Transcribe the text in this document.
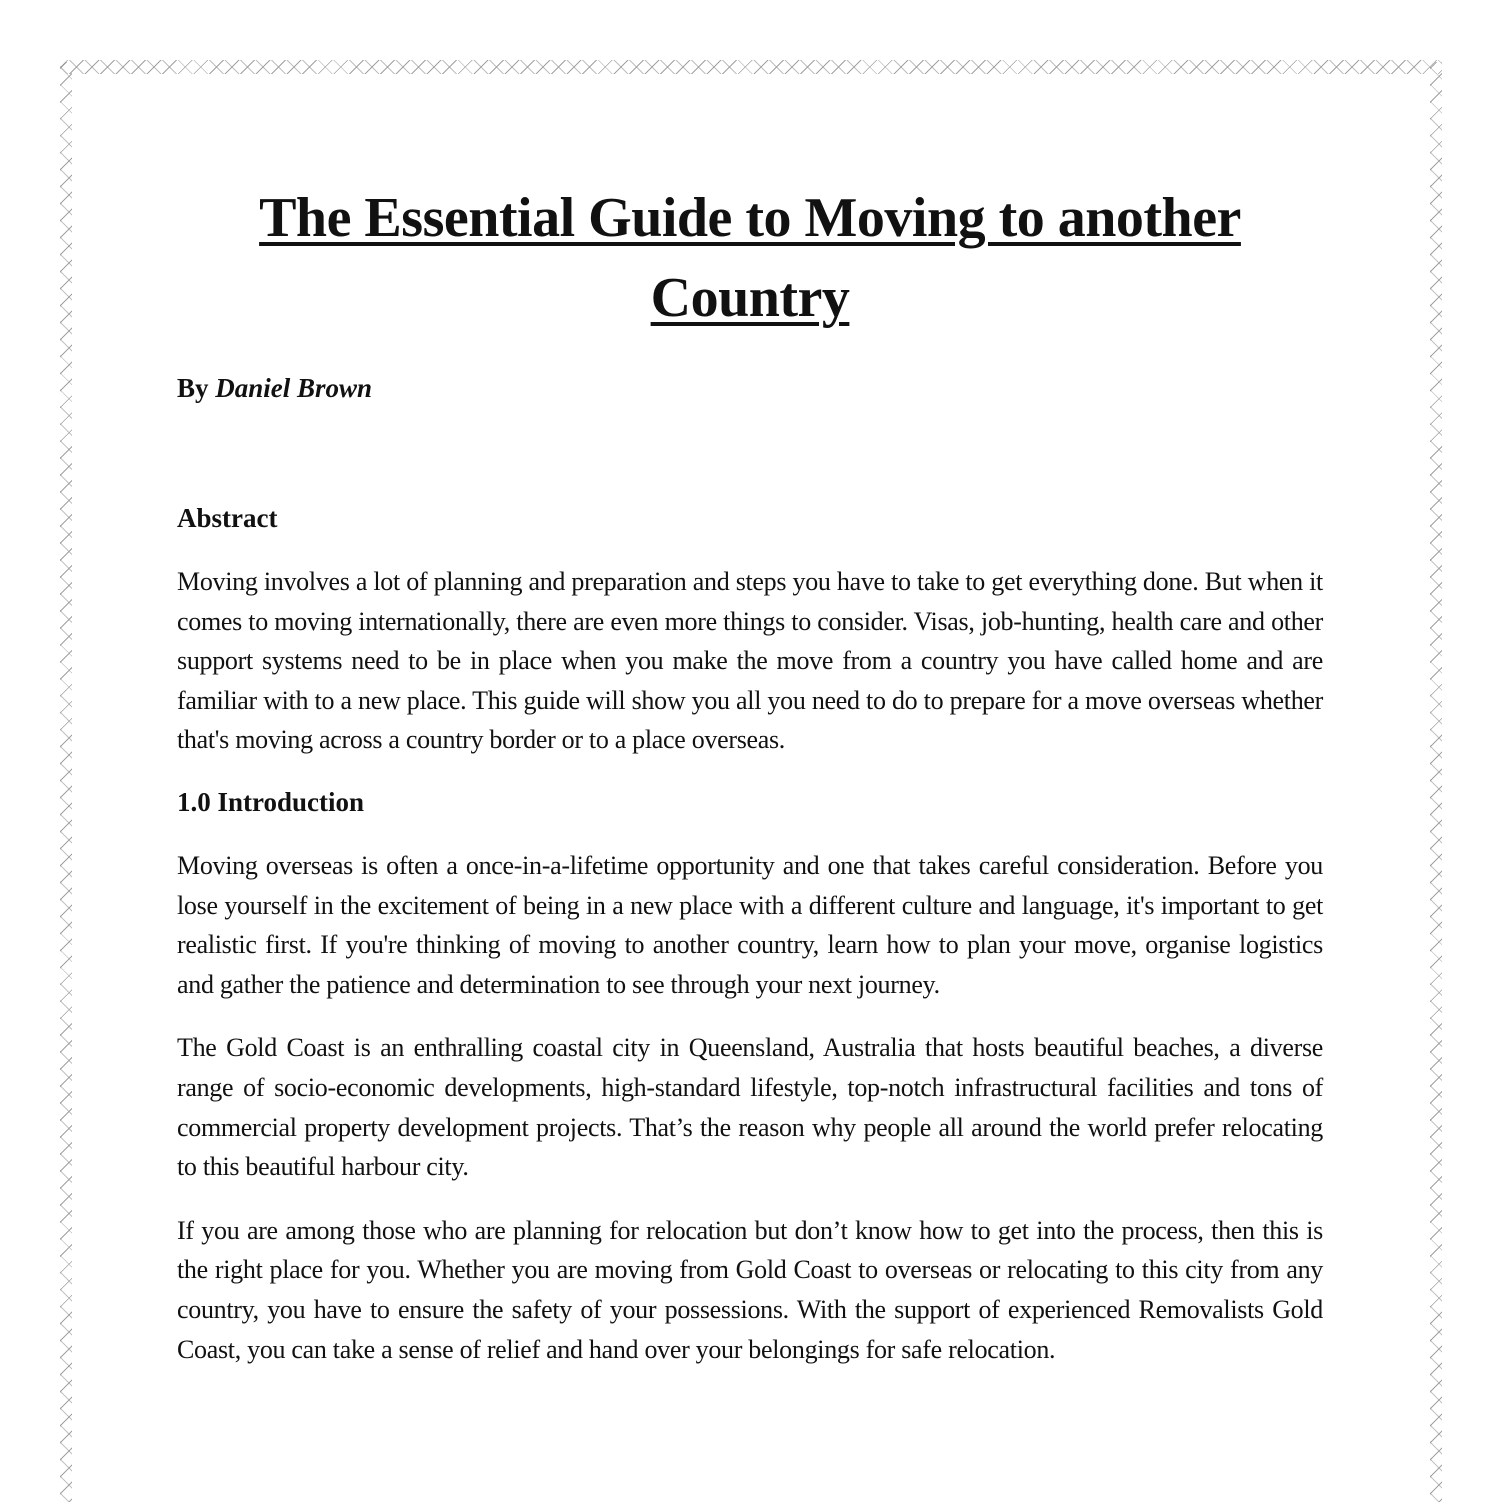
The Essential Guide to Moving to another Country
By Daniel Brown
Abstract

Moving involves a lot of planning and preparation and steps you have to take to get everything done. But when it comes to moving internationally, there are even more things to consider. Visas, job-hunting, health care and other support systems need to be in place when you make the move from a country you have called home and are familiar with to a new place. This guide will show you all you need to do to prepare for a move overseas whether that's moving across a country border or to a place overseas.

1.0 Introduction

Moving overseas is often a once-in-a-lifetime opportunity and one that takes careful consideration. Before you lose yourself in the excitement of being in a new place with a different culture and language, it's important to get realistic first. If you're thinking of moving to another country, learn how to plan your move, organise logistics and gather the patience and determination to see through your next journey.

The Gold Coast is an enthralling coastal city in Queensland, Australia that hosts beautiful beaches, a diverse range of socio-economic developments, high-standard lifestyle, top-notch infrastructural facilities and tons of commercial property development projects. That’s the reason why people all around the world prefer relocating to this beautiful harbour city.

If you are among those who are planning for relocation but don’t know how to get into the process, then this is the right place for you. Whether you are moving from Gold Coast to overseas or relocating to this city from any country, you have to ensure the safety of your possessions. With the support of experienced Removalists Gold Coast, you can take a sense of relief and hand over your belongings for safe relocation.
